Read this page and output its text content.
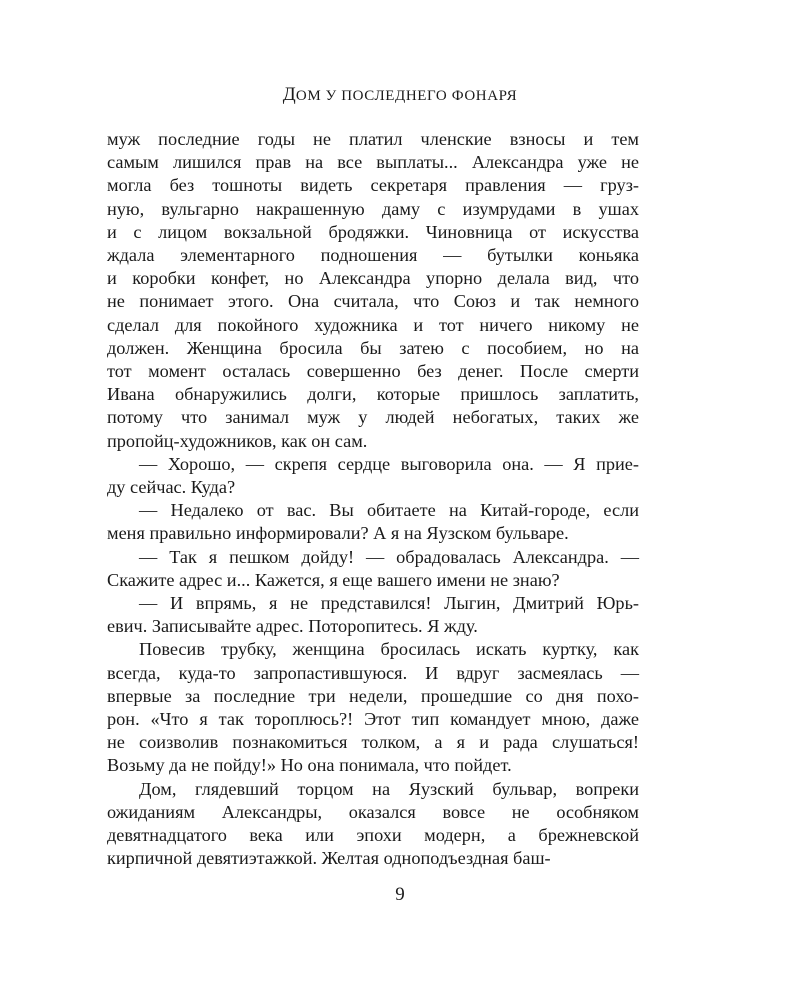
ДОМ У ПОСЛЕДНЕГО ФОНАРЯ
муж последние годы не платил членские взносы и тем
самым лишился прав на все выплаты... Александра уже не
могла без тошноты видеть секретаря правления — груз-
ную, вульгарно накрашенную даму с изумрудами в ушах
и с лицом вокзальной бродяжки. Чиновница от искусства
ждала элементарного подношения — бутылки коньяка
и коробки конфет, но Александра упорно делала вид, что
не понимает этого. Она считала, что Союз и так немного
сделал для покойного художника и тот ничего никому не
должен. Женщина бросила бы затею с пособием, но на
тот момент осталась совершенно без денег. После смерти
Ивана обнаружились долги, которые пришлось заплатить,
потому что занимал муж у людей небогатых, таких же
пропойц-художников, как он сам.
— Хорошо, — скрепя сердце выговорила она. — Я прие-
ду сейчас. Куда?
— Недалеко от вас. Вы обитаете на Китай-городе, если
меня правильно информировали? А я на Яузском бульваре.
— Так я пешком дойду! — обрадовалась Александра. —
Скажите адрес и... Кажется, я еще вашего имени не знаю?
— И впрямь, я не представился! Лыгин, Дмитрий Юрь-
евич. Записывайте адрес. Поторопитесь. Я жду.
Повесив трубку, женщина бросилась искать куртку, как
всегда, куда-то запропастившуюся. И вдруг засмеялась —
впервые за последние три недели, прошедшие со дня похо-
рон. «Что я так тороплюсь?! Этот тип командует мною, даже
не соизволив познакомиться толком, а я и рада слушаться!
Возьму да не пойду!» Но она понимала, что пойдет.
Дом, глядевший торцом на Яузский бульвар, вопреки
ожиданиям Александры, оказался вовсе не особняком
девятнадцатого века или эпохи модерн, а брежневской
кирпичной девятиэтажкой. Желтая одноподъездная баш-
9
